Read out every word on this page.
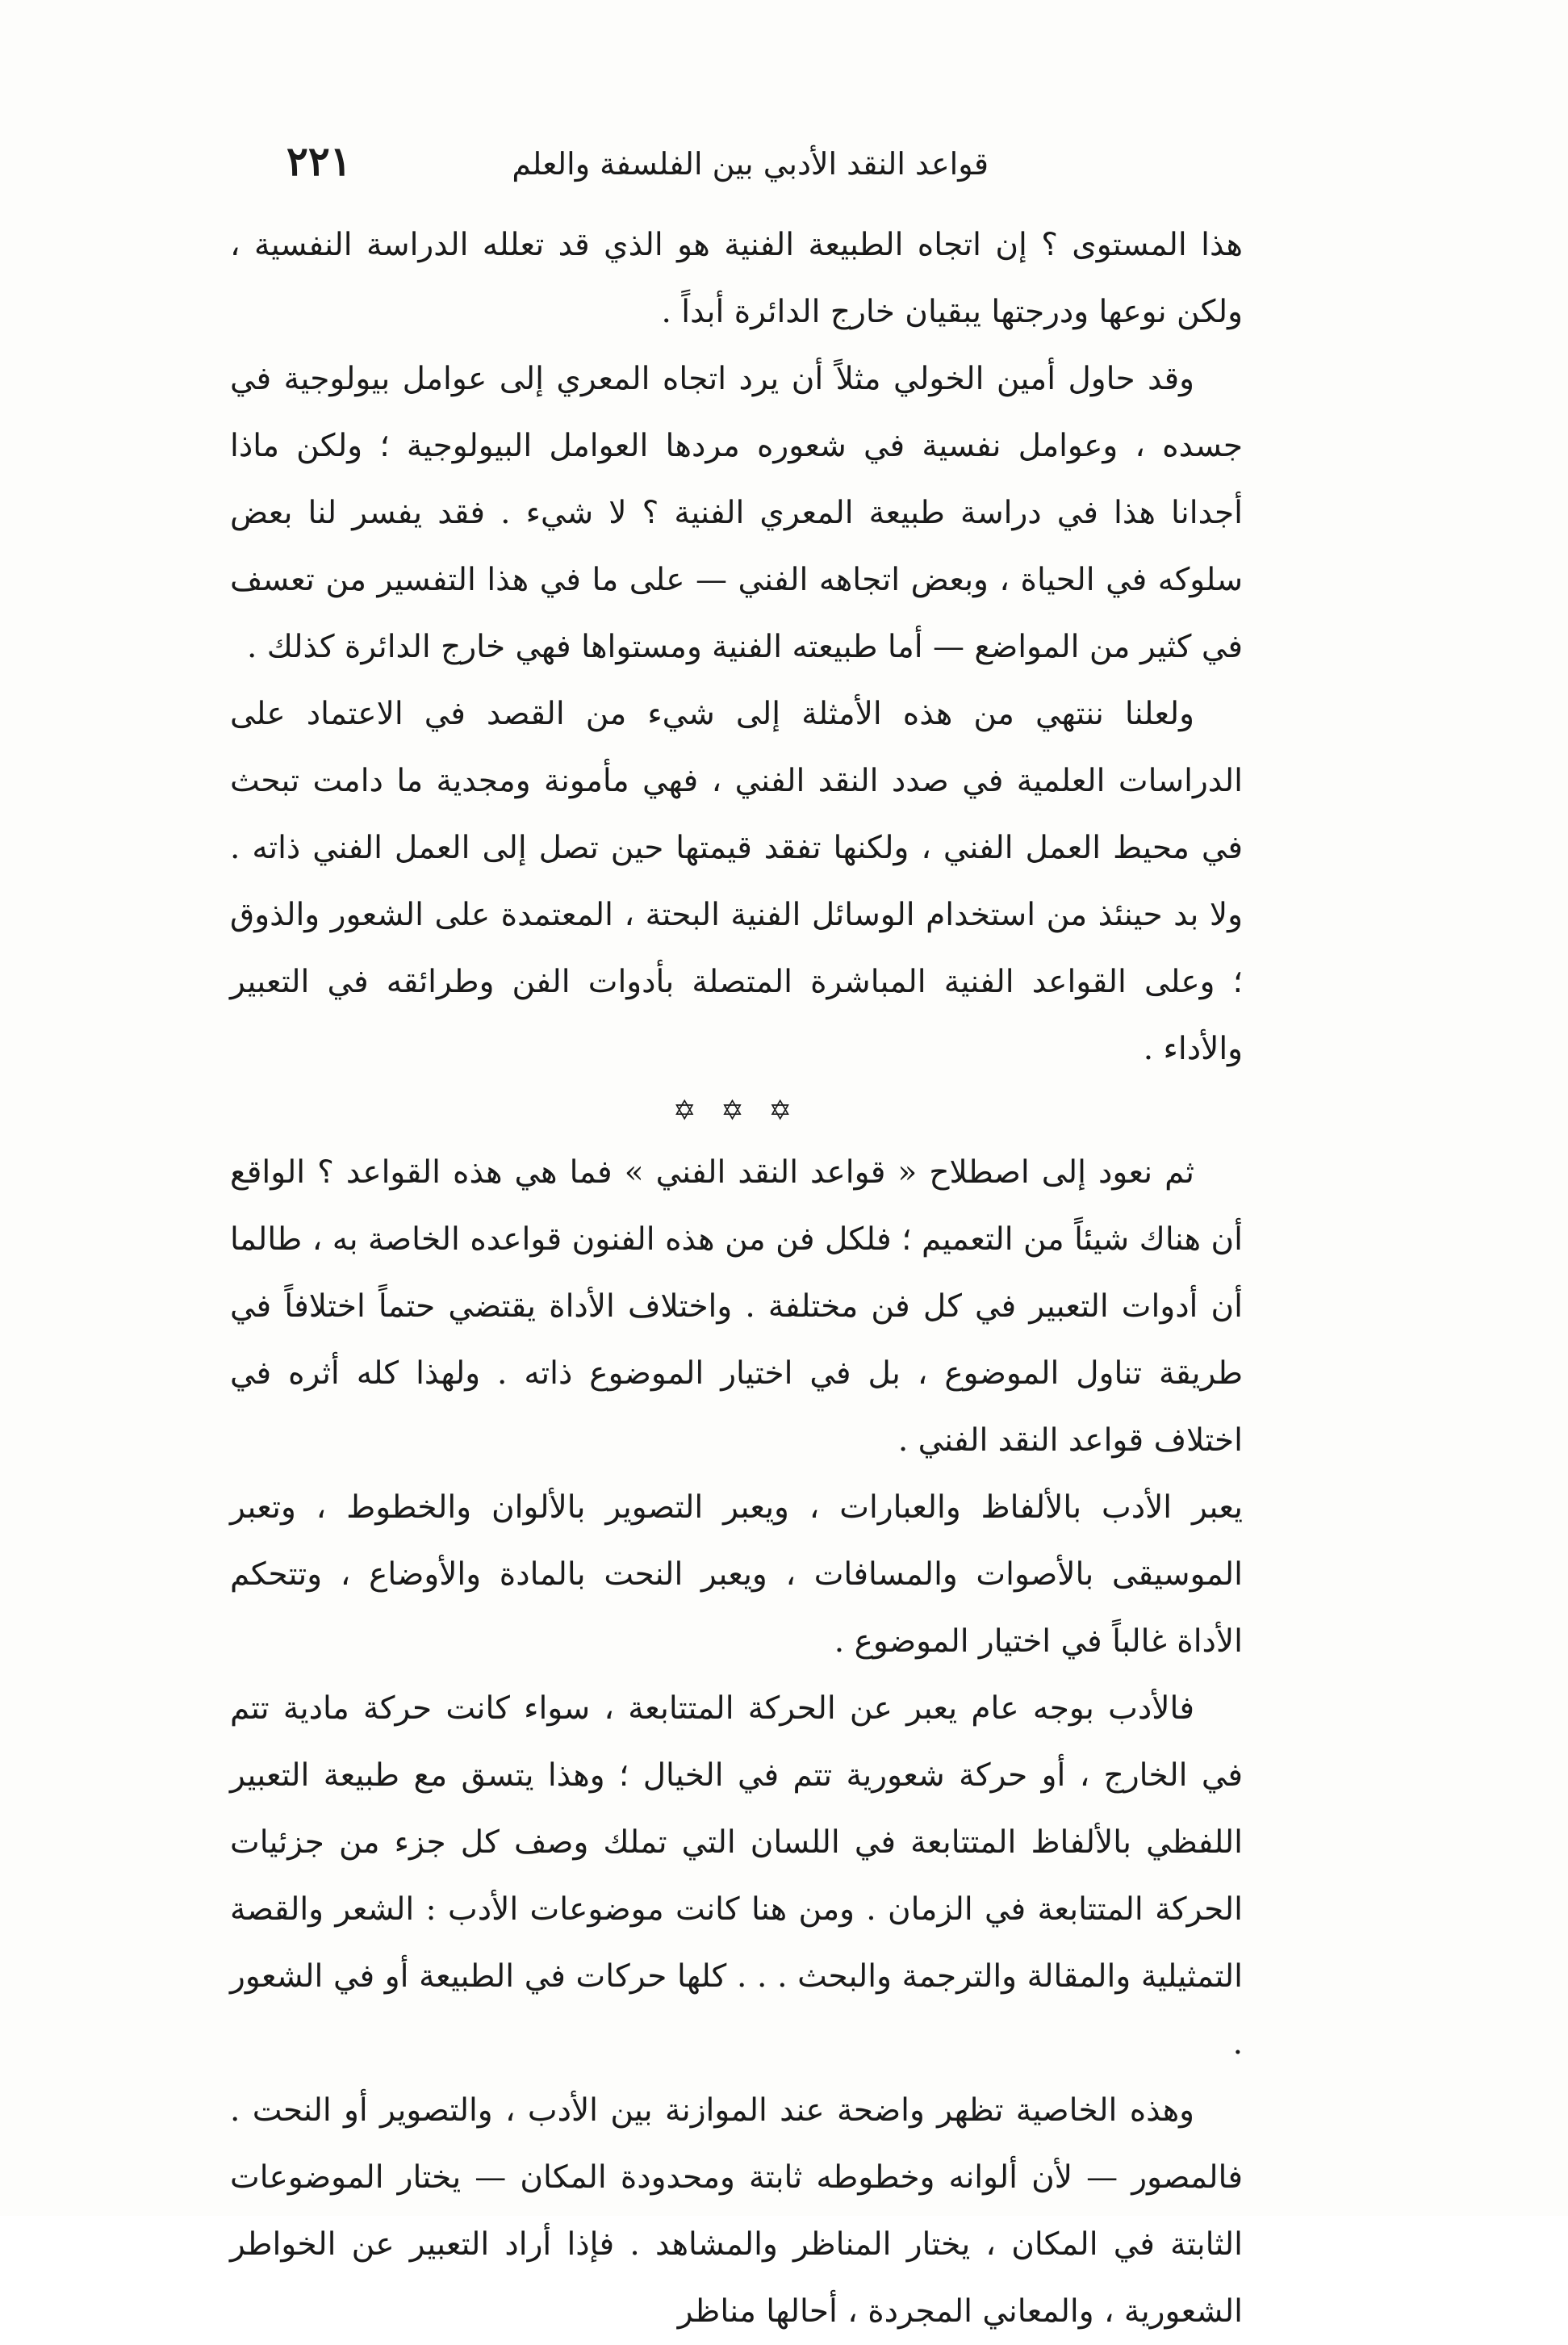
قواعد النقد الأدبي بين الفلسفة والعلم
٢٢١

هذا المستوى ؟ إن اتجاه الطبيعة الفنية هو الذي قد تعلله الدراسة النفسية ، ولكن نوعها ودرجتها يبقيان خارج الدائرة أبداً .

وقد حاول أمين الخولي مثلاً أن يرد اتجاه المعري إلى عوامل بيولوجية في جسده ، وعوامل نفسية في شعوره مردها العوامل البيولوجية ؛ ولكن ماذا أجدانا هذا في دراسة طبيعة المعري الفنية ؟ لا شيء . فقد يفسر لنا بعض سلوكه في الحياة ، وبعض اتجاهه الفني — على ما في هذا التفسير من تعسف في كثير من المواضع — أما طبيعته الفنية ومستواها فهي خارج الدائرة كذلك .

ولعلنا ننتهي من هذه الأمثلة إلى شيء من القصد في الاعتماد على الدراسات العلمية في صدد النقد الفني ، فهي مأمونة ومجدية ما دامت تبحث في محيط العمل الفني ، ولكنها تفقد قيمتها حين تصل إلى العمل الفني ذاته . ولا بد حينئذ من استخدام الوسائل الفنية البحتة ، المعتمدة على الشعور والذوق ؛ وعلى القواعد الفنية المباشرة المتصلة بأدوات الفن وطرائقه في التعبير والأداء .

✡ ✡ ✡

ثم نعود إلى اصطلاح « قواعد النقد الفني » فما هي هذه القواعد ؟ الواقع أن هناك شيئاً من التعميم ؛ فلكل فن من هذه الفنون قواعده الخاصة به ، طالما أن أدوات التعبير في كل فن مختلفة . واختلاف الأداة يقتضي حتماً اختلافاً في طريقة تناول الموضوع ، بل في اختيار الموضوع ذاته . ولهذا كله أثره في اختلاف قواعد النقد الفني .

يعبر الأدب بالألفاظ والعبارات ، ويعبر التصوير بالألوان والخطوط ، وتعبر الموسيقى بالأصوات والمسافات ، ويعبر النحت بالمادة والأوضاع ، وتتحكم الأداة غالباً في اختيار الموضوع .

فالأدب بوجه عام يعبر عن الحركة المتتابعة ، سواء كانت حركة مادية تتم في الخارج ، أو حركة شعورية تتم في الخيال ؛ وهذا يتسق مع طبيعة التعبير اللفظي بالألفاظ المتتابعة في اللسان التي تملك وصف كل جزء من جزئيات الحركة المتتابعة في الزمان . ومن هنا كانت موضوعات الأدب : الشعر والقصة التمثيلية والمقالة والترجمة والبحث . . . كلها حركات في الطبيعة أو في الشعور .

وهذه الخاصية تظهر واضحة عند الموازنة بين الأدب ، والتصوير أو النحت . فالمصور — لأن ألوانه وخطوطه ثابتة ومحدودة المكان — يختار الموضوعات الثابتة في المكان ، يختار المناظر والمشاهد . فإذا أراد التعبير عن الخواطر الشعورية ، والمعاني المجردة ، أحالها مناظر
